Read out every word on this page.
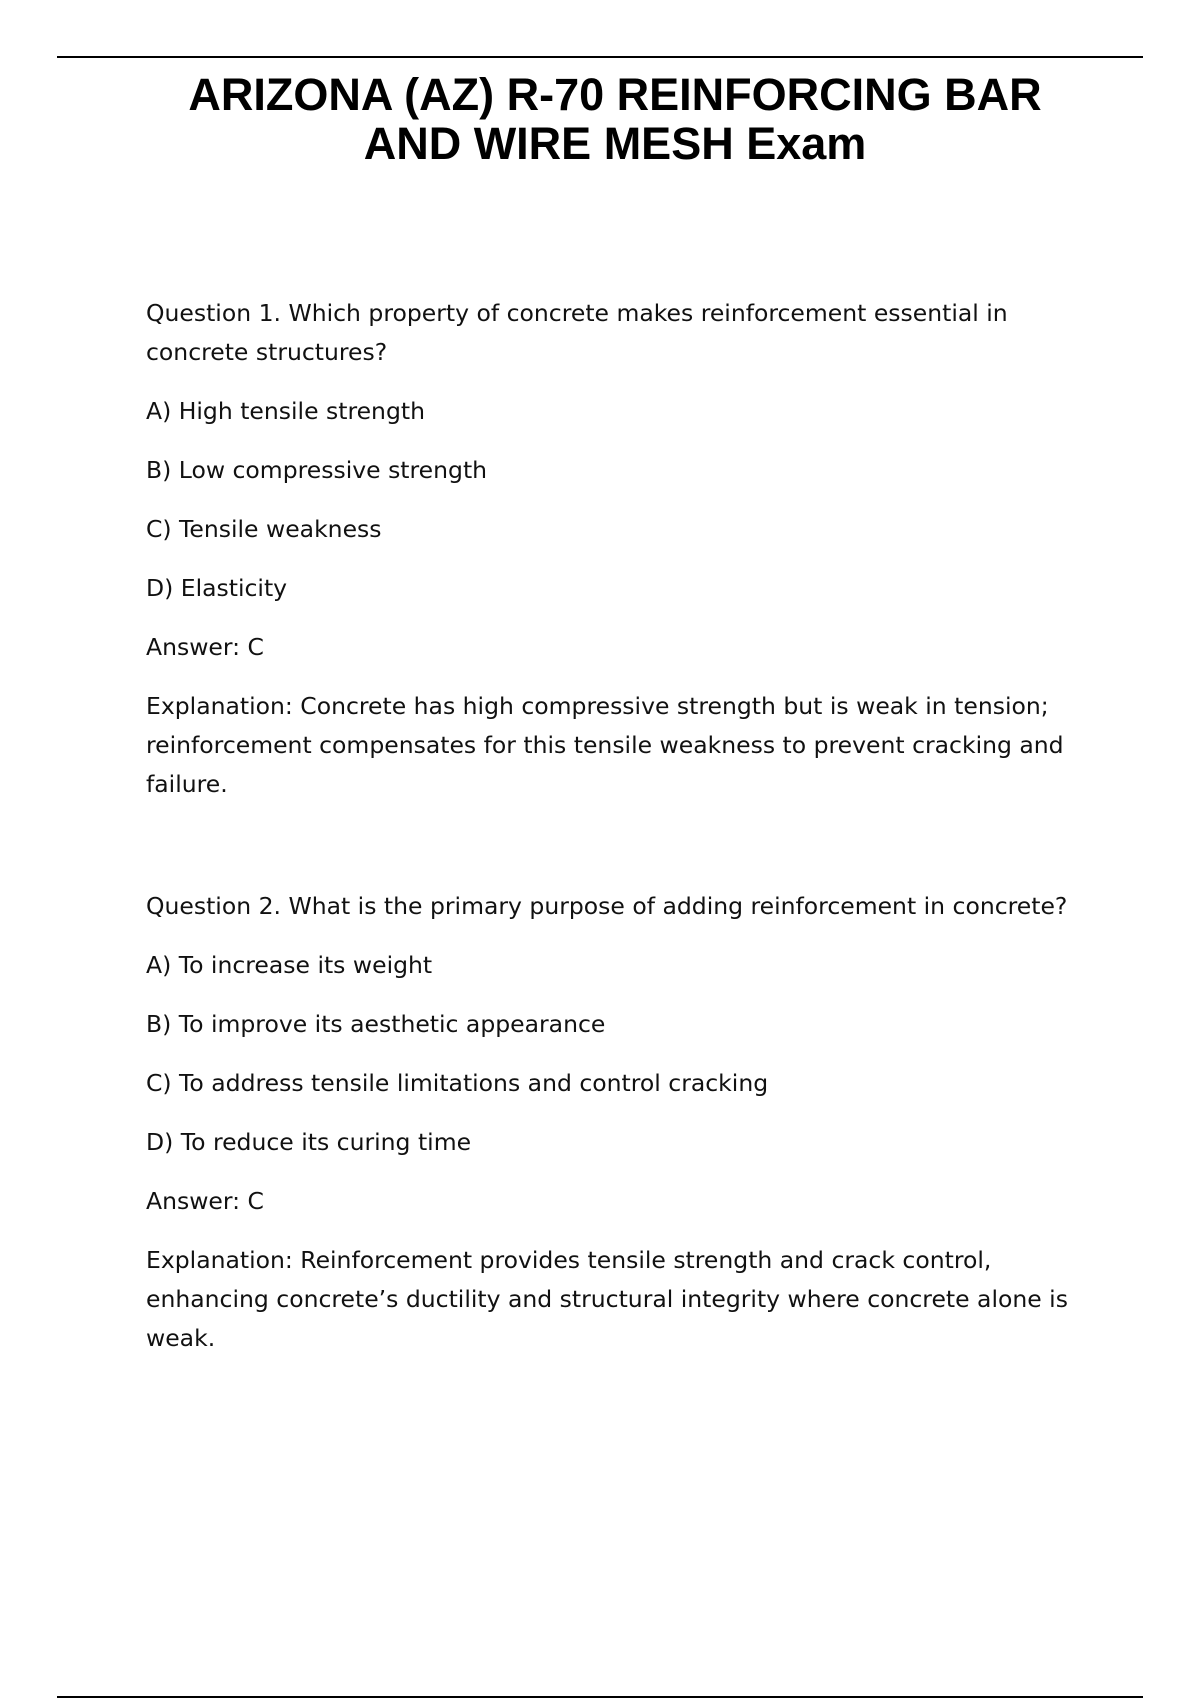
ARIZONA (AZ) R-70 REINFORCING BAR
AND WIRE MESH Exam

Question 1. Which property of concrete makes reinforcement essential in concrete structures?

A) High tensile strength

B) Low compressive strength

C) Tensile weakness

D) Elasticity

Answer: C

Explanation: Concrete has high compressive strength but is weak in tension; reinforcement compensates for this tensile weakness to prevent cracking and failure.

Question 2. What is the primary purpose of adding reinforcement in concrete?

A) To increase its weight

B) To improve its aesthetic appearance

C) To address tensile limitations and control cracking

D) To reduce its curing time

Answer: C

Explanation: Reinforcement provides tensile strength and crack control, enhancing concrete’s ductility and structural integrity where concrete alone is weak.
